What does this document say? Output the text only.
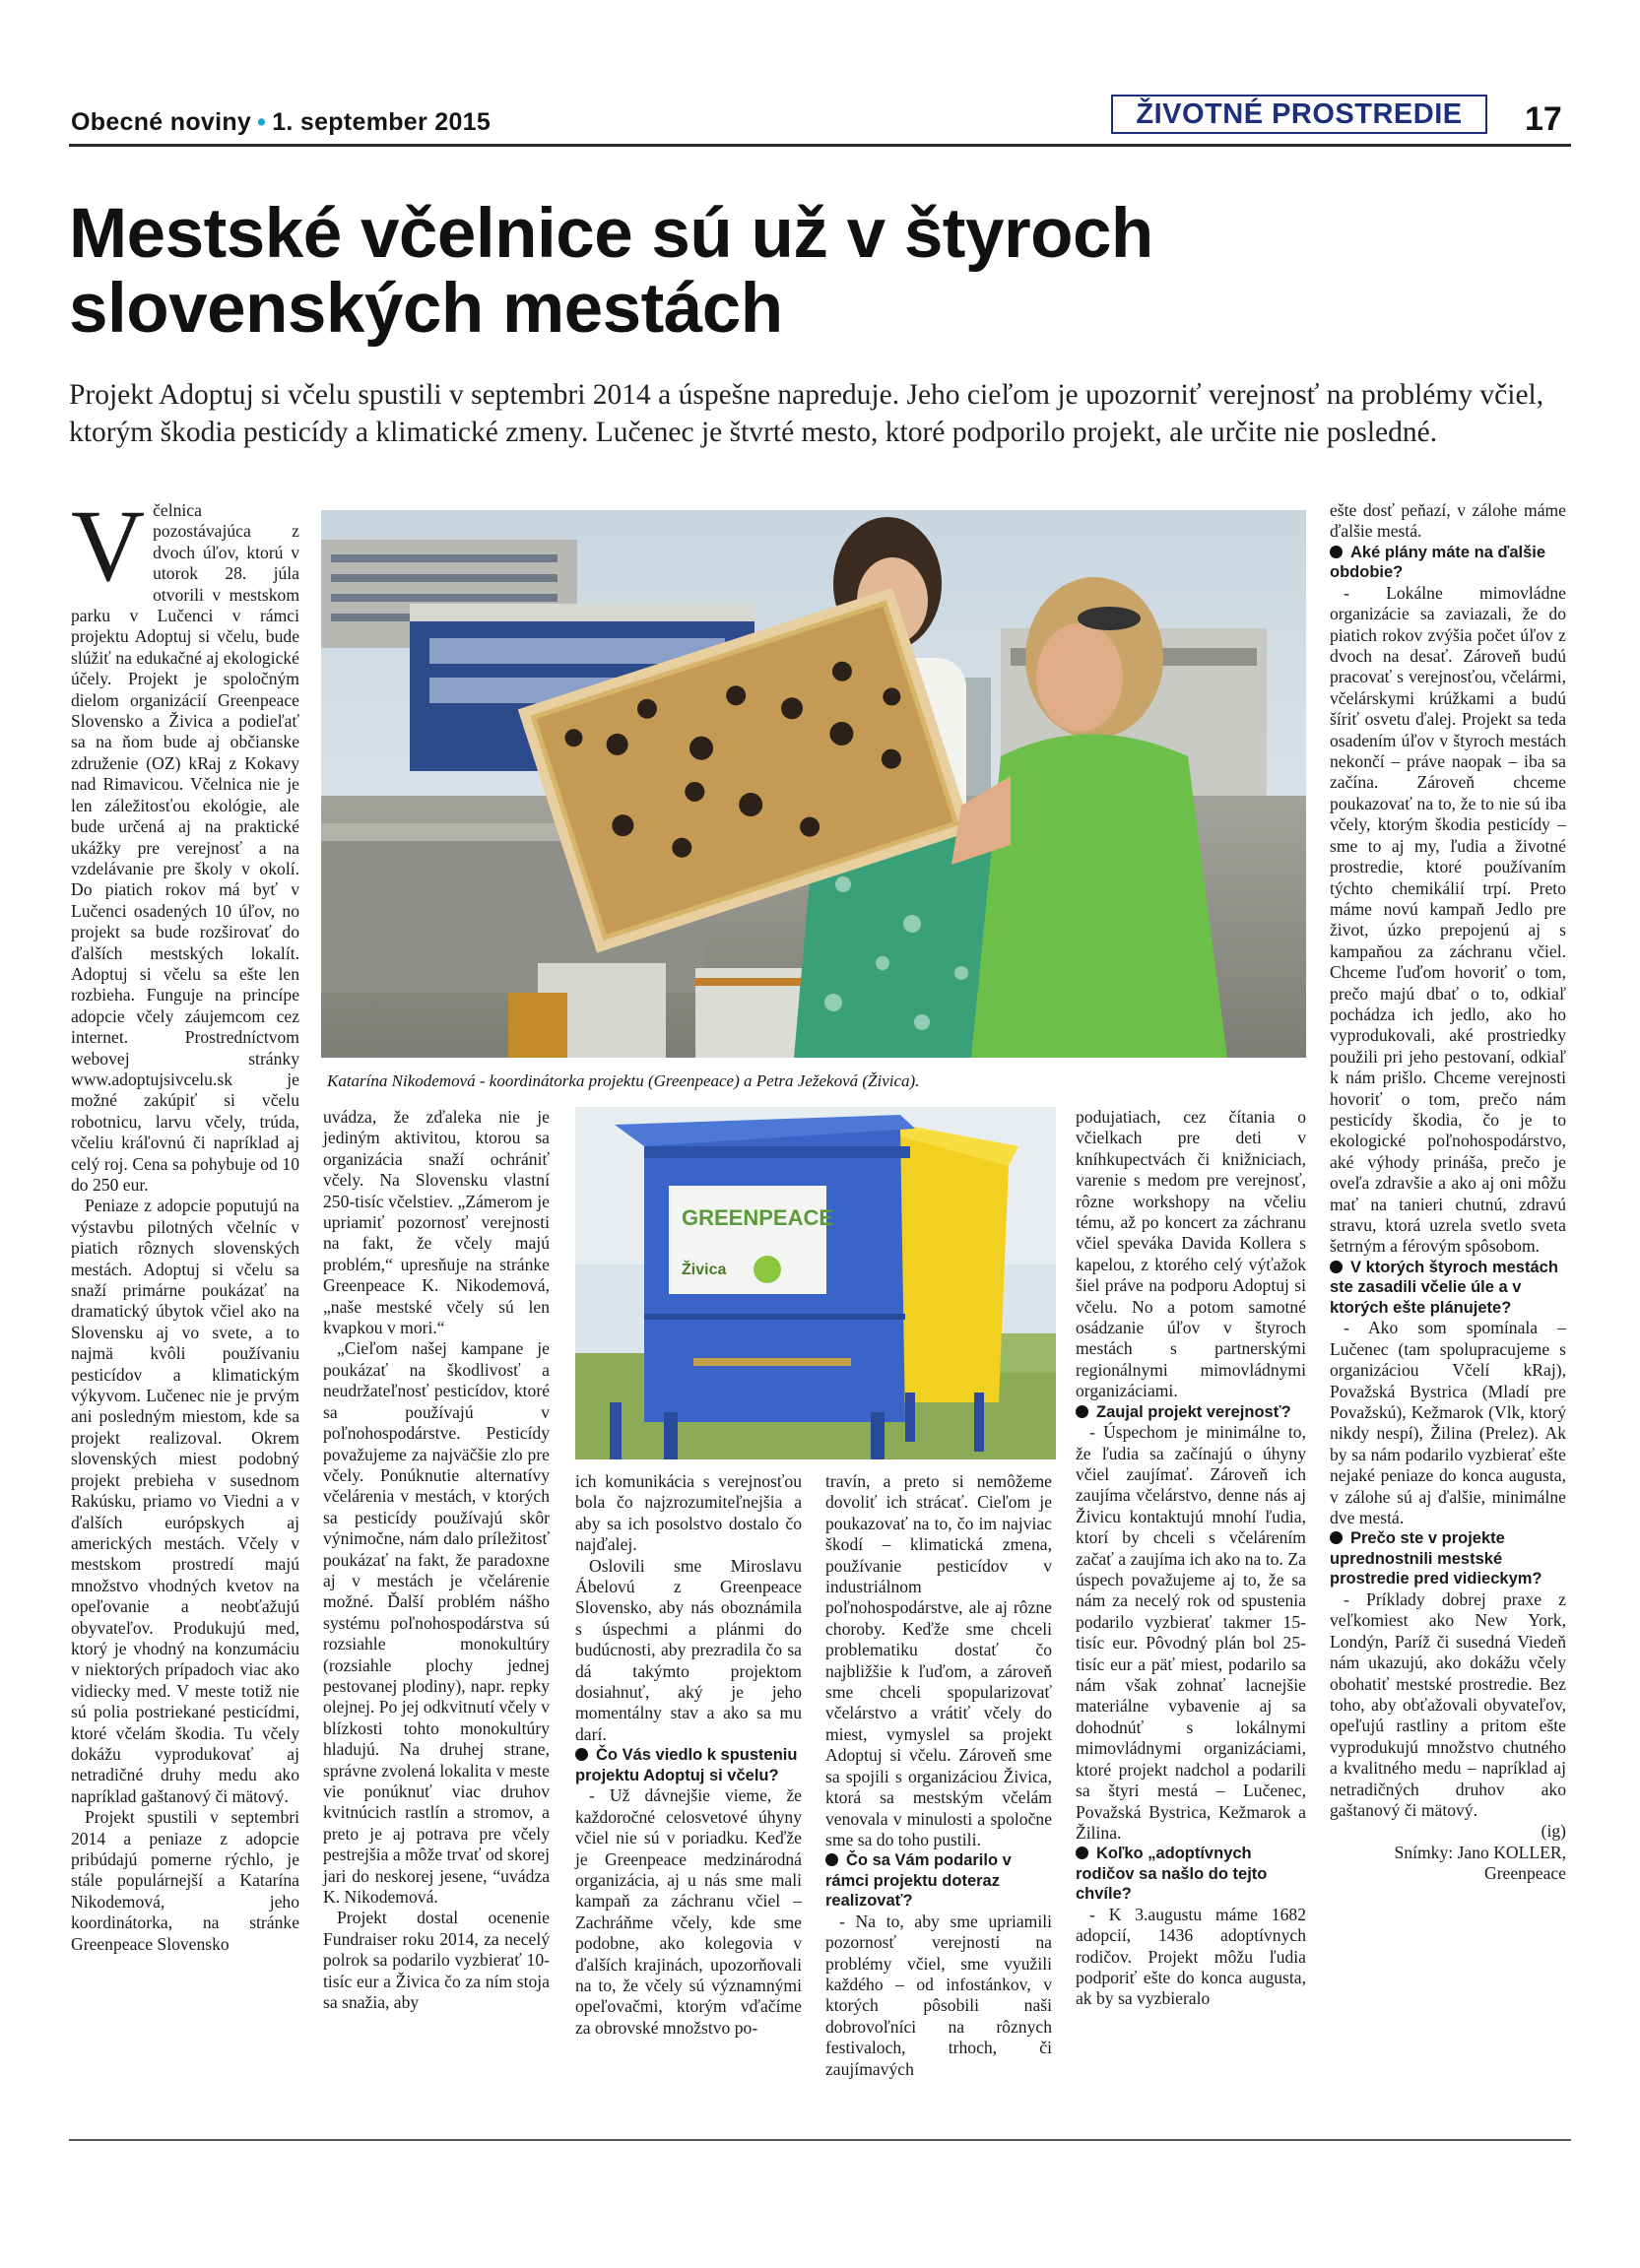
Obecné noviny • 1. september 2015	ŽIVOTNÉ PROSTREDIE	17
Mestské včelnice sú už v štyroch
slovenských mestách
Projekt Adoptuj si včelu spustili v septembri 2014 a úspešne napreduje. Jeho cieľom je upozorniť verejnosť na problémy včiel, ktorým škodia pesticídy a klimatické zmeny. Lučenec je štvrté mesto, ktoré podporilo projekt, ale určite nie posledné.

Včelnica pozostávajúca z dvoch úľov, ktorú v utorok 28. júla otvorili v mestskom parku v Lučenci v rámci projektu Adoptuj si včelu, bude slúžiť na edukačné aj ekologické účely. Projekt je spoločným dielom organizácií Greenpeace Slovensko a Živica a podieľať sa na ňom bude aj občianske združenie (OZ) kRaj z Kokavy nad Rimavicou. Včelnica nie je len záležitosťou ekológie, ale bude určená aj na praktické ukážky pre verejnosť a na vzdelávanie pre školy v okolí. Do piatich rokov má byť v Lučenci osadených 10 úľov, no projekt sa bude rozširovať do ďalších mestských lokalít. Adoptuj si včelu sa ešte len rozbieha. Funguje na princípe adopcie včely záujemcom cez internet. Prostredníctvom webovej stránky www.adoptujsivcelu.sk je možné zakúpiť si včelu robotnicu, larvu včely, trúda, včeliu kráľovnú či napríklad aj celý roj. Cena sa pohybuje od 10 do 250 eur.

Peniaze z adopcie poputujú na výstavbu pilotných včelníc v piatich rôznych slovenských mestách. Adoptuj si včelu sa snaží primárne poukázať na dramatický úbytok včiel ako na Slovensku aj vo svete, a to najmä kvôli používaniu pesticídov a klimatickým výkyvom. Lučenec nie je prvým ani posledným miestom, kde sa projekt realizoval. Okrem slovenských miest podobný projekt prebieha v susednom Rakúsku, priamo vo Viedni a v ďalších európskych aj amerických mestách. Včely v mestskom prostredí majú množstvo vhodných kvetov na opeľovanie a neobťažujú obyvateľov. Produkujú med, ktorý je vhodný na konzumáciu v niektorých prípadoch viac ako vidiecky med. V meste totiž nie sú polia postriekané pesticídmi, ktoré včelám škodia. Tu včely dokážu vyprodukovať aj netradičné druhy medu ako napríklad gaštanový či mätový.

Projekt spustili v septembri 2014 a peniaze z adopcie pribúdajú pomerne rýchlo, je stále populárnejší a Katarína Nikodemová, jeho koordinátorka, na stránke Greenpeace Slovensko

Katarína Nikodemová - koordinátorka projektu (Greenpeace) a Petra Ježeková (Živica).

uvádza, že zďaleka nie je jediným aktivitou, ktorou sa organizácia snaží ochrániť včely. Na Slovensku vlastní 250-tisíc včelstiev. „Zámerom je upriamiť pozornosť verejnosti na fakt, že včely majú problém,“ upresňuje na stránke Greenpeace K. Nikodemová, „naše mestské včely sú len kvapkou v mori.“

„Cieľom našej kampane je poukázať na škodlivosť a neudržateľnosť pesticídov, ktoré sa používajú v poľnohospodárstve. Pesticídy považujeme za najväčšie zlo pre včely. Ponúknutie alternatívy včelárenia v mestách, v ktorých sa pesticídy používajú skôr výnimočne, nám dalo príležitosť poukázať na fakt, že paradoxne aj v mestách je včelárenie možné. Ďalší problém nášho systému poľnohospodárstva sú rozsiahle monokultúry (rozsiahle plochy jednej pestovanej plodiny), napr. repky olejnej. Po jej odkvitnutí včely v blízkosti tohto monokultúry hladujú. Na druhej strane, správne zvolená lokalita v meste vie ponúknuť viac druhov kvitnúcich rastlín a stromov, a preto je aj potrava pre včely pestrejšia a môže trvať od skorej jari do neskorej jesene, “uvádza K. Nikodemová.

Projekt dostal ocenenie Fundraiser roku 2014, za necelý polrok sa podarilo vyzbierať 10-tisíc eur a Živica čo za ním stoja sa snažia, aby

GREENPEACE
Živica

ich komunikácia s verejnosťou bola čo najzrozumiteľnejšia a aby sa ich posolstvo dostalo čo najďalej.

Oslovili sme Miroslavu Ábelovú z Greenpeace Slovensko, aby nás oboznámila s úspechmi a plánmi do budúcnosti, aby prezradila čo sa dá takýmto projektom dosiahnuť, aký je jeho momentálny stav a ako sa mu darí.

Čo Vás viedlo k spusteniu projektu Adoptuj si včelu?

- Už dávnejšie vieme, že každoročné celosvetové úhyny včiel nie sú v poriadku. Keďže je Greenpeace medzinárodná organizácia, aj u nás sme mali kampaň za záchranu včiel – Zachráňme včely, kde sme podobne, ako kolegovia v ďalších krajinách, upozorňovali na to, že včely sú významnými opeľovačmi, ktorým vďačíme za obrovské množstvo po-

travín, a preto si nemôžeme dovoliť ich strácať. Cieľom je poukazovať na to, čo im najviac škodí – klimatická zmena, používanie pesticídov v industriálnom poľnohospodárstve, ale aj rôzne choroby. Keďže sme chceli problematiku dostať čo najbližšie k ľuďom, a zároveň sme chceli spopularizovať včelárstvo a vrátiť včely do miest, vymyslel sa projekt Adoptuj si včelu. Zároveň sme sa spojili s organizáciou Živica, ktorá sa mestským včelám venovala v minulosti a spoločne sme sa do toho pustili.

Čo sa Vám podarilo v rámci projektu doteraz realizovať?

- Na to, aby sme upriamili pozornosť verejnosti na problémy včiel, sme využili každého – od infostánkov, v ktorých pôsobili naši dobrovoľníci na rôznych festivaloch, trhoch, či zaujímavých

podujatiach, cez čítania o včielkach pre deti v kníhkupectvách či knižniciach, varenie s medom pre verejnosť, rôzne workshopy na včeliu tému, až po koncert za záchranu včiel speváka Davida Kollera s kapelou, z ktorého celý výťažok šiel práve na podporu Adoptuj si včelu. No a potom samotné osádzanie úľov v štyroch mestách s partnerskými regionálnymi mimovládnymi organizáciami.

Zaujal projekt verejnosť?

- Úspechom je minimálne to, že ľudia sa začínajú o úhyny včiel zaujímať. Zároveň ich zaujíma včelárstvo, denne nás aj Živicu kontaktujú mnohí ľudia, ktorí by chceli s včelárením začať a zaujíma ich ako na to. Za úspech považujeme aj to, že sa nám za necelý rok od spustenia podarilo vyzbierať takmer 15-tisíc eur. Pôvodný plán bol 25-tisíc eur a päť miest, podarilo sa nám však zohnať lacnejšie materiálne vybavenie aj sa dohodnúť s lokálnymi mimovládnymi organizáciami, ktoré projekt nadchol a podarili sa štyri mestá – Lučenec, Považská Bystrica, Kežmarok a Žilina.

Koľko „adoptívnych rodičov sa našlo do tejto chvíle?

- K 3.augustu máme 1682 adopcií, 1436 adoptívnych rodičov. Projekt môžu ľudia podporiť ešte do konca augusta, ak by sa vyzbieralo

ešte dosť peňazí, v zálohe máme ďalšie mestá.

Aké plány máte na ďalšie obdobie?

- Lokálne mimovládne organizácie sa zaviazali, že do piatich rokov zvýšia počet úľov z dvoch na desať. Zároveň budú pracovať s verejnosťou, včelármi, včelárskymi krúžkami a budú šíriť osvetu ďalej. Projekt sa teda osadením úľov v štyroch mestách nekončí – práve naopak – iba sa začína. Zároveň chceme poukazovať na to, že to nie sú iba včely, ktorým škodia pesticídy – sme to aj my, ľudia a životné prostredie, ktoré používaním týchto chemikálií trpí. Preto máme novú kampaň Jedlo pre život, úzko prepojenú aj s kampaňou za záchranu včiel. Chceme ľuďom hovoriť o tom, prečo majú dbať o to, odkiaľ pochádza ich jedlo, ako ho vyprodukovali, aké prostriedky použili pri jeho pestovaní, odkiaľ k nám prišlo. Chceme verejnosti hovoriť o tom, prečo nám pesticídy škodia, čo je to ekologické poľnohospodárstvo, aké výhody prináša, prečo je oveľa zdravšie a ako aj oni môžu mať na tanieri chutnú, zdravú stravu, ktorá uzrela svetlo sveta šetrným a férovým spôsobom.

V ktorých štyroch mestách ste zasadili včelie úle a v ktorých ešte plánujete?

- Ako som spomínala – Lučenec (tam spolupracujeme s organizáciou Včelí kRaj), Považská Bystrica (Mladí pre Považskú), Kežmarok (Vlk, ktorý nikdy nespí), Žilina (Prelez). Ak by sa nám podarilo vyzbierať ešte nejaké peniaze do konca augusta, v zálohe sú aj ďalšie, minimálne dve mestá.

Prečo ste v projekte uprednostnili mestské prostredie pred vidieckym?

- Príklady dobrej praxe z veľkomiest ako New York, Londýn, Paríž či susedná Viedeň nám ukazujú, ako dokážu včely obohatiť mestské prostredie. Bez toho, aby obťažovali obyvateľov, opeľujú rastliny a pritom ešte vyprodukujú množstvo chutného a kvalitného medu – napríklad aj netradičných druhov ako gaštanový či mätový.

(ig)

Snímky: Jano KOLLER,

Greenpeace
